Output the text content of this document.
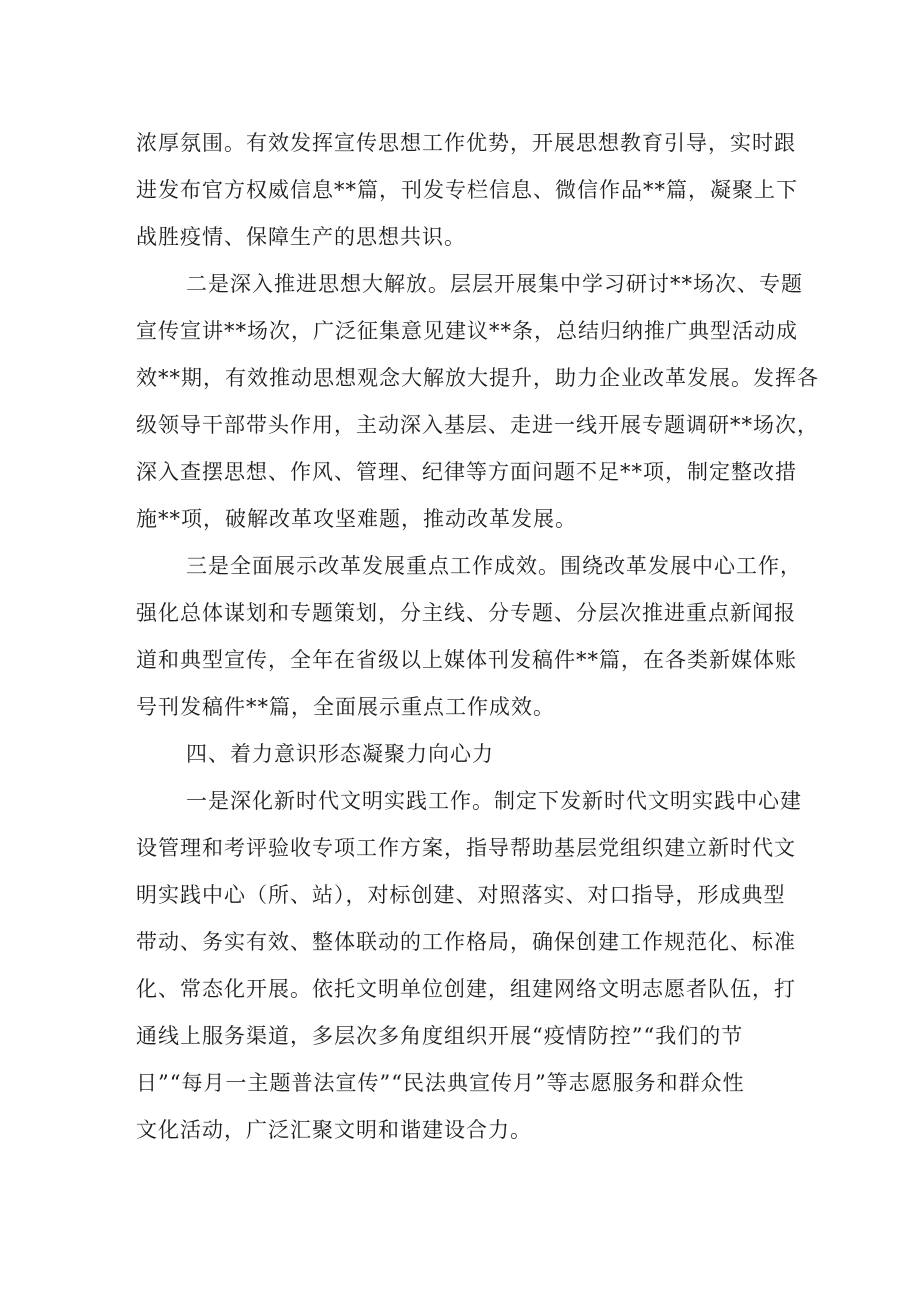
浓厚氛围。有效发挥宣传思想工作优势，开展思想教育引导，实时跟
进发布官方权威信息**篇，刊发专栏信息、微信作品**篇，凝聚上下
战胜疫情、保障生产的思想共识。
二是深入推进思想大解放。层层开展集中学习研讨**场次、专题
宣传宣讲**场次，广泛征集意见建议**条，总结归纳推广典型活动成
效**期，有效推动思想观念大解放大提升，助力企业改革发展。发挥各
级领导干部带头作用，主动深入基层、走进一线开展专题调研**场次，
深入查摆思想、作风、管理、纪律等方面问题不足**项，制定整改措
施**项，破解改革攻坚难题，推动改革发展。
三是全面展示改革发展重点工作成效。围绕改革发展中心工作，
强化总体谋划和专题策划，分主线、分专题、分层次推进重点新闻报
道和典型宣传，全年在省级以上媒体刊发稿件**篇，在各类新媒体账
号刊发稿件**篇，全面展示重点工作成效。
四、着力意识形态凝聚力向心力
一是深化新时代文明实践工作。制定下发新时代文明实践中心建
设管理和考评验收专项工作方案，指导帮助基层党组织建立新时代文
明实践中心（所、站），对标创建、对照落实、对口指导，形成典型
带动、务实有效、整体联动的工作格局，确保创建工作规范化、标准
化、常态化开展。依托文明单位创建，组建网络文明志愿者队伍，打
通线上服务渠道，多层次多角度组织开展“疫情防控”“我们的节
日”“每月一主题普法宣传”“民法典宣传月”等志愿服务和群众性
文化活动，广泛汇聚文明和谐建设合力。
